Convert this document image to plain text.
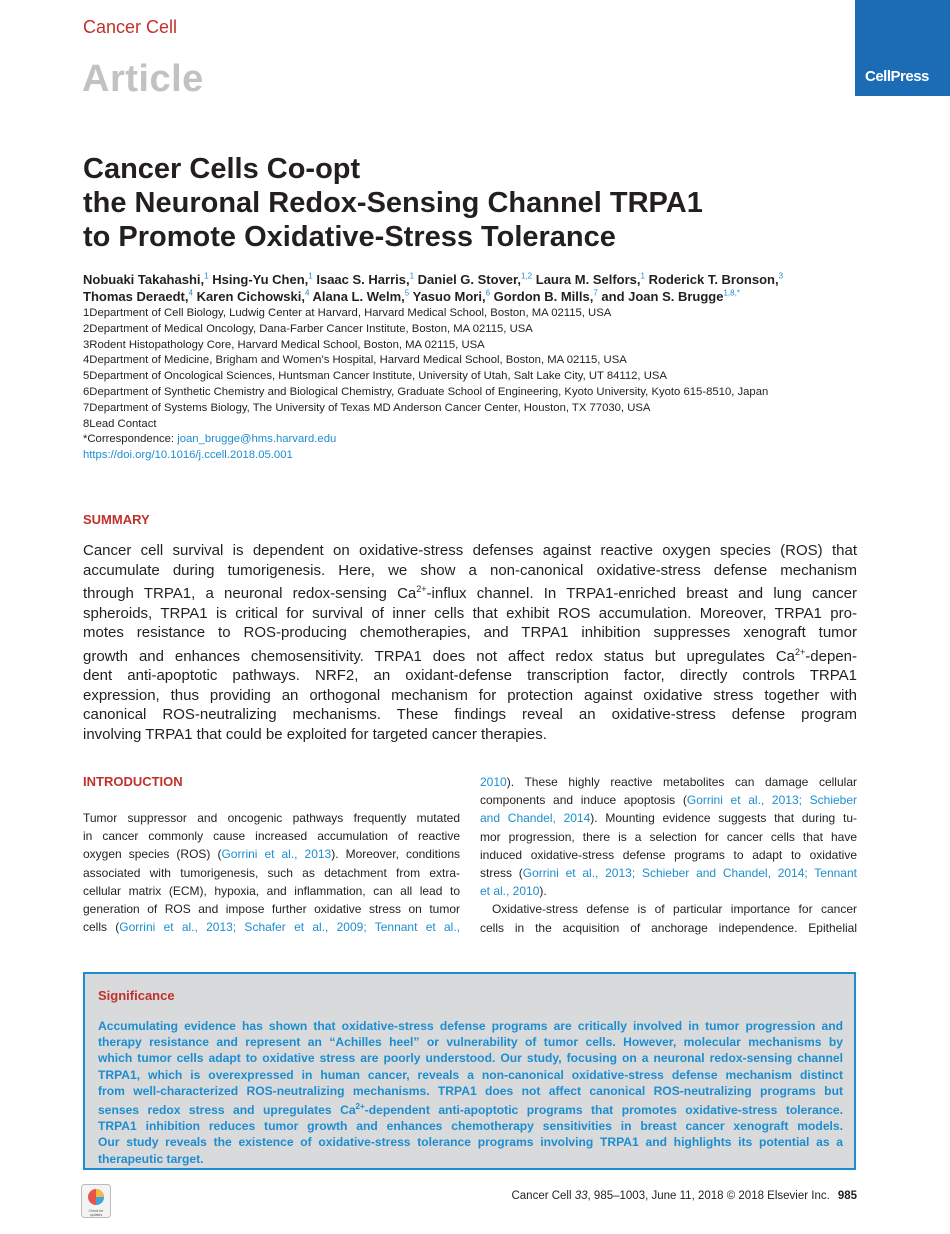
Cancer Cell
Article	CellPress
Cancer Cells Co-opt
the Neuronal Redox-Sensing Channel TRPA1
to Promote Oxidative-Stress Tolerance
Nobuaki Takahashi,$^1$ Hsing-Yu Chen,$^1$ Isaac S. Harris,$^1$ Daniel G. Stover,$^{1,2}$ Laura M. Selfors,$^1$ Roderick T. Bronson,$^3$
Thomas Deraedt,$^4$ Karen Cichowski,$^4$ Alana L. Welm,$^5$ Yasuo Mori,$^6$ Gordon B. Mills,$^7$ and Joan S. Brugge$^{1,8,*}$
1Department of Cell Biology, Ludwig Center at Harvard, Harvard Medical School, Boston, MA 02115, USA
2Department of Medical Oncology, Dana-Farber Cancer Institute, Boston, MA 02115, USA
3Rodent Histopathology Core, Harvard Medical School, Boston, MA 02115, USA
4Department of Medicine, Brigham and Women’s Hospital, Harvard Medical School, Boston, MA 02115, USA
5Department of Oncological Sciences, Huntsman Cancer Institute, University of Utah, Salt Lake City, UT 84112, USA
6Department of Synthetic Chemistry and Biological Chemistry, Graduate School of Engineering, Kyoto University, Kyoto 615-8510, Japan
7Department of Systems Biology, The University of Texas MD Anderson Cancer Center, Houston, TX 77030, USA
8Lead Contact
*Correspondence: joan_brugge@hms.harvard.edu
https://doi.org/10.1016/j.ccell.2018.05.001
SUMMARY
Cancer cell survival is dependent on oxidative-stress defenses against reactive oxygen species (ROS) that
accumulate during tumorigenesis. Here, we show a non-canonical oxidative-stress defense mechanism
through TRPA1, a neuronal redox-sensing $Ca^{2+}$-influx channel. In TRPA1-enriched breast and lung cancer
spheroids, TRPA1 is critical for survival of inner cells that exhibit ROS accumulation. Moreover, TRPA1 pro-
motes resistance to ROS-producing chemotherapies, and TRPA1 inhibition suppresses xenograft tumor
growth and enhances chemosensitivity. TRPA1 does not affect redox status but upregulates $Ca^{2+}-depen-$
dent anti-apoptotic pathways. NRF2, an oxidant-defense transcription factor, directly controls TRPA1
expression, thus providing an orthogonal mechanism for protection against oxidative stress together with
canonical ROS-neutralizing mechanisms. These findings reveal an oxidative-stress defense program
involving TRPA1 that could be exploited for targeted cancer therapies.
INTRODUCTION
Tumor suppressor and oncogenic pathways frequently mutated
in cancer commonly cause increased accumulation of reactive
oxygen species (ROS) (Gorrini et al., 2013). Moreover, conditions
associated with tumorigenesis, such as detachment from extra-
cellular matrix (ECM), hypoxia, and inflammation, can all lead to
generation of ROS and impose further oxidative stress on tumor
cells (Gorrini et al., 2013; Schafer et al., 2009; Tennant et al.,
2010). These highly reactive metabolites can damage cellular
components and induce apoptosis (Gorrini et al., 2013; Schieber
and Chandel, 2014). Mounting evidence suggests that during tu-
mor progression, there is a selection for cancer cells that have
induced oxidative-stress defense programs to adapt to oxidative
stress (Gorrini et al., 2013; Schieber and Chandel, 2014; Tennant
et al., 2010).
Oxidative-stress defense is of particular importance for cancer
cells in the acquisition of anchorage independence. Epithelial
Significance
Accumulating evidence has shown that oxidative-stress defense programs are critically involved in tumor progression and
therapy resistance and represent an “Achilles heel” or vulnerability of tumor cells. However, molecular mechanisms by
which tumor cells adapt to oxidative stress are poorly understood. Our study, focusing on a neuronal redox-sensing channel
TRPA1, which is overexpressed in human cancer, reveals a non-canonical oxidative-stress defense mechanism distinct
from well-characterized ROS-neutralizing mechanisms. TRPA1 does not affect canonical ROS-neutralizing programs but
senses redox stress and upregulates $Ca^{2+}$-dependent anti-apoptotic programs that promotes oxidative-stress tolerance.
TRPA1 inhibition reduces tumor growth and enhances chemotherapy sensitivities in breast cancer xenograft models.
Our study reveals the existence of oxidative-stress tolerance programs involving TRPA1 and highlights its potential as a
therapeutic target.
Check for updates
Cancer Cell 33, 985–1003, June 11, 2018 © 2018 Elsevier Inc. 985
